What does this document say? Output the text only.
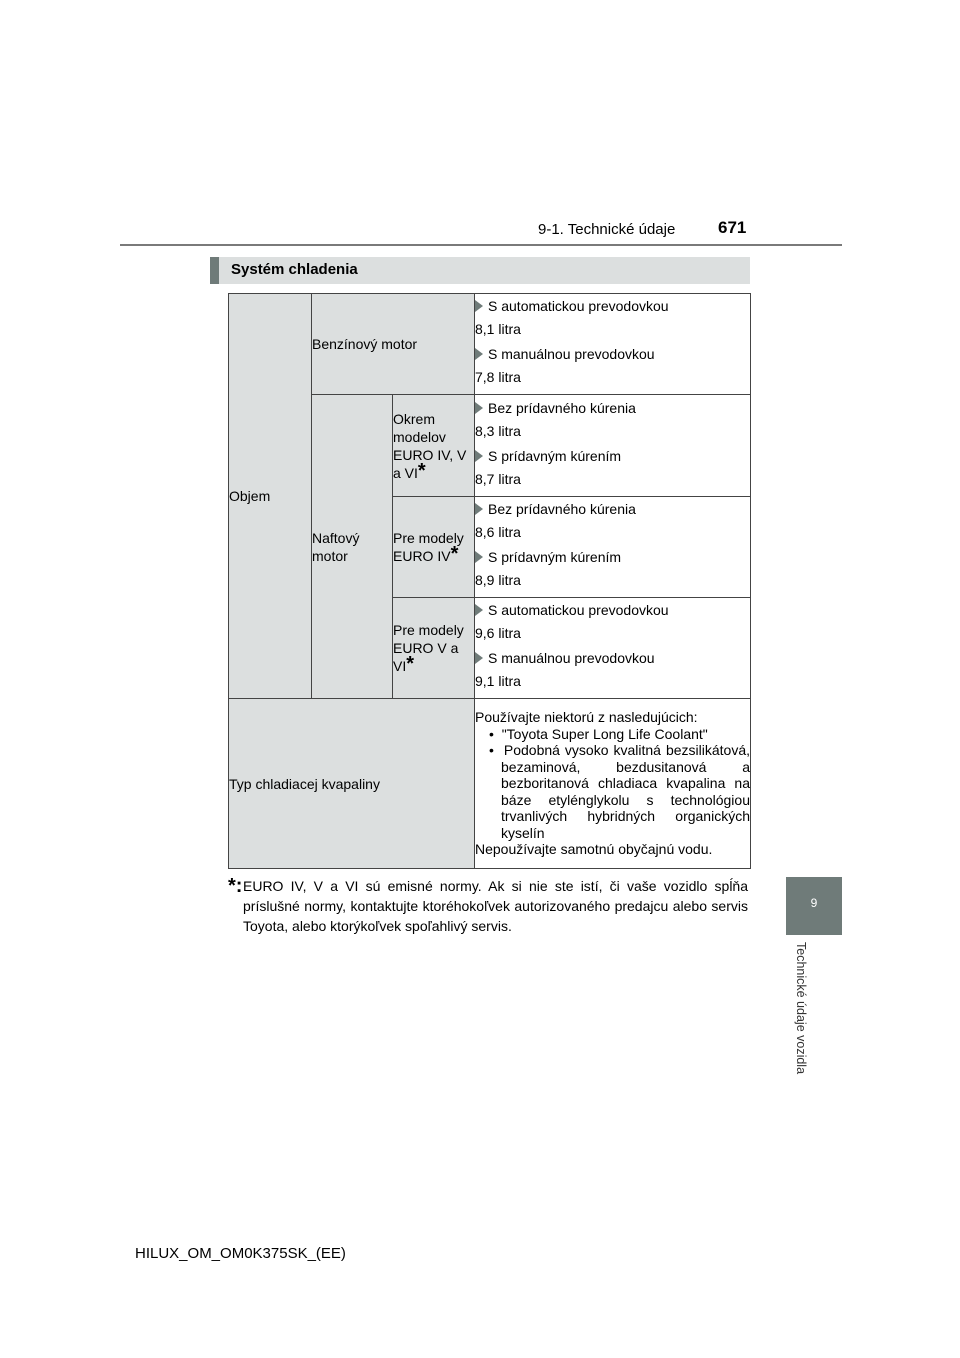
9-1. Technické údaje	671
9
Technické údaje vozidla
Systém chladenia
Objem	Benzínový motor		S automatickou prevodovkou
8,1 litra
S manuálnou prevodovkou
7,8 litra

	Naftový motor	Okrem modelov EURO IV, V a VI*	Bez prídavného kúrenia
8,3 litra
S prídavným kúrením
8,7 litra

		Pre modely EURO IV*	Bez prídavného kúrenia
8,6 litra
S prídavným kúrením
8,9 litra

		Pre modely EURO V a VI*	S automatickou prevodovkou
9,6 litra
S manuálnou prevodovkou
9,1 litra

Typ chladiacej kvapaliny			Používajte niektorú z nasledujúcich:
•  "Toyota Super Long Life Coolant"
•  Podobná vysoko kvalitná bezsilikátová, bezaminová, bezdusitanová a bezboritanová chladiaca kvapalina na báze etylénglykolu s technológiou trvanlivých hybridných organických kyselín
Nepoužívajte samotnú obyčajnú vodu.
*: EURO IV, V a VI sú emisné normy. Ak si nie ste istí, či vaše vozidlo spĺňa príslušné normy, kontaktujte ktoréhokoľvek autorizovaného predajcu alebo servis Toyota, alebo ktorýkoľvek spoľahlivý servis.
HILUX_OM_OM0K375SK_(EE)
